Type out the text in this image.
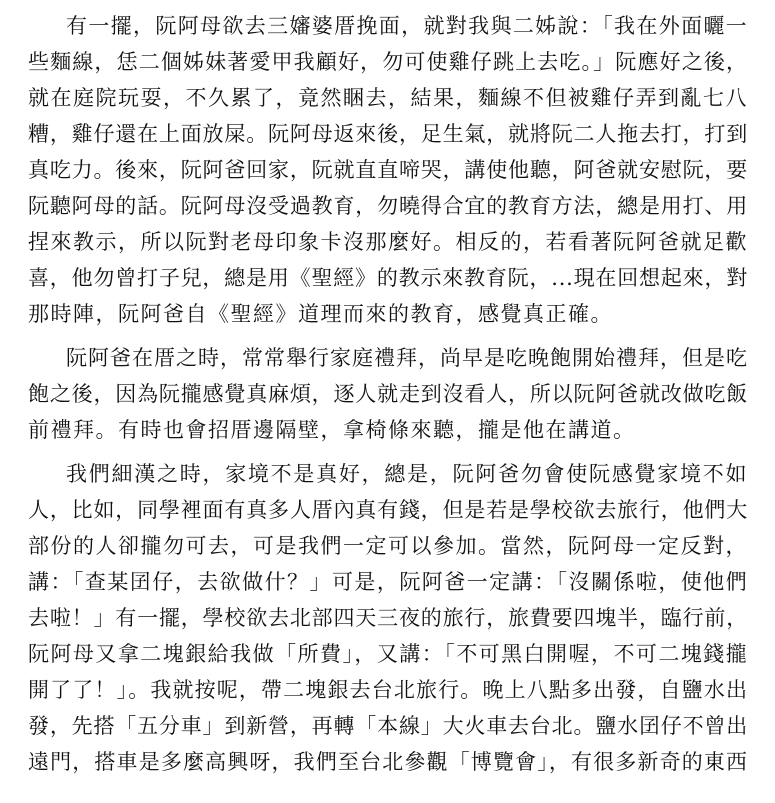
有一擺，阮阿母欲去三嬸婆厝挽面，就對我與二姊說：「我在外面曬一
些麵線，恁二個姊妹著愛甲我顧好，勿可使雞仔跳上去吃。」阮應好之後，
就在庭院玩耍，不久累了，竟然睏去，結果，麵線不但被雞仔弄到亂七八
糟，雞仔還在上面放屎。阮阿母返來後，足生氣，就將阮二人拖去打，打到
真吃力。後來，阮阿爸回家，阮就直直啼哭，講使他聽，阿爸就安慰阮，要
阮聽阿母的話。阮阿母沒受過教育，勿曉得合宜的教育方法，總是用打、用
捏來教示，所以阮對老母印象卡沒那麼好。相反的，若看著阮阿爸就足歡
喜，他勿曾打子兒，總是用《聖經》的教示來教育阮，...現在回想起來，對
那時陣，阮阿爸自《聖經》道理而來的教育，感覺真正確。
阮阿爸在厝之時，常常舉行家庭禮拜，尚早是吃晚飽開始禮拜，但是吃
飽之後，因為阮攏感覺真麻煩，逐人就走到沒看人，所以阮阿爸就改做吃飯
前禮拜。有時也會招厝邊隔壁，拿椅條來聽，攏是他在講道。
我們細漢之時，家境不是真好，總是，阮阿爸勿會使阮感覺家境不如
人，比如，同學裡面有真多人厝內真有錢，但是若是學校欲去旅行，他們大
部份的人卻攏勿可去，可是我們一定可以參加。當然，阮阿母一定反對，
講：「查某囝仔，去欲做什？」可是，阮阿爸一定講：「沒關係啦，使他們
去啦！」有一擺，學校欲去北部四天三夜的旅行，旅費要四塊半，臨行前，
阮阿母又拿二塊銀給我做「所費」，又講：「不可黑白開喔，不可二塊錢攏
開了了！」。我就按呢，帶二塊銀去台北旅行。晚上八點多出發，自鹽水出
發，先搭「五分車」到新營，再轉「本線」大火車去台北。鹽水囝仔不曾出
遠門，搭車是多麼高興呀，我們至台北參觀「博覽會」，有很多新奇的東西
